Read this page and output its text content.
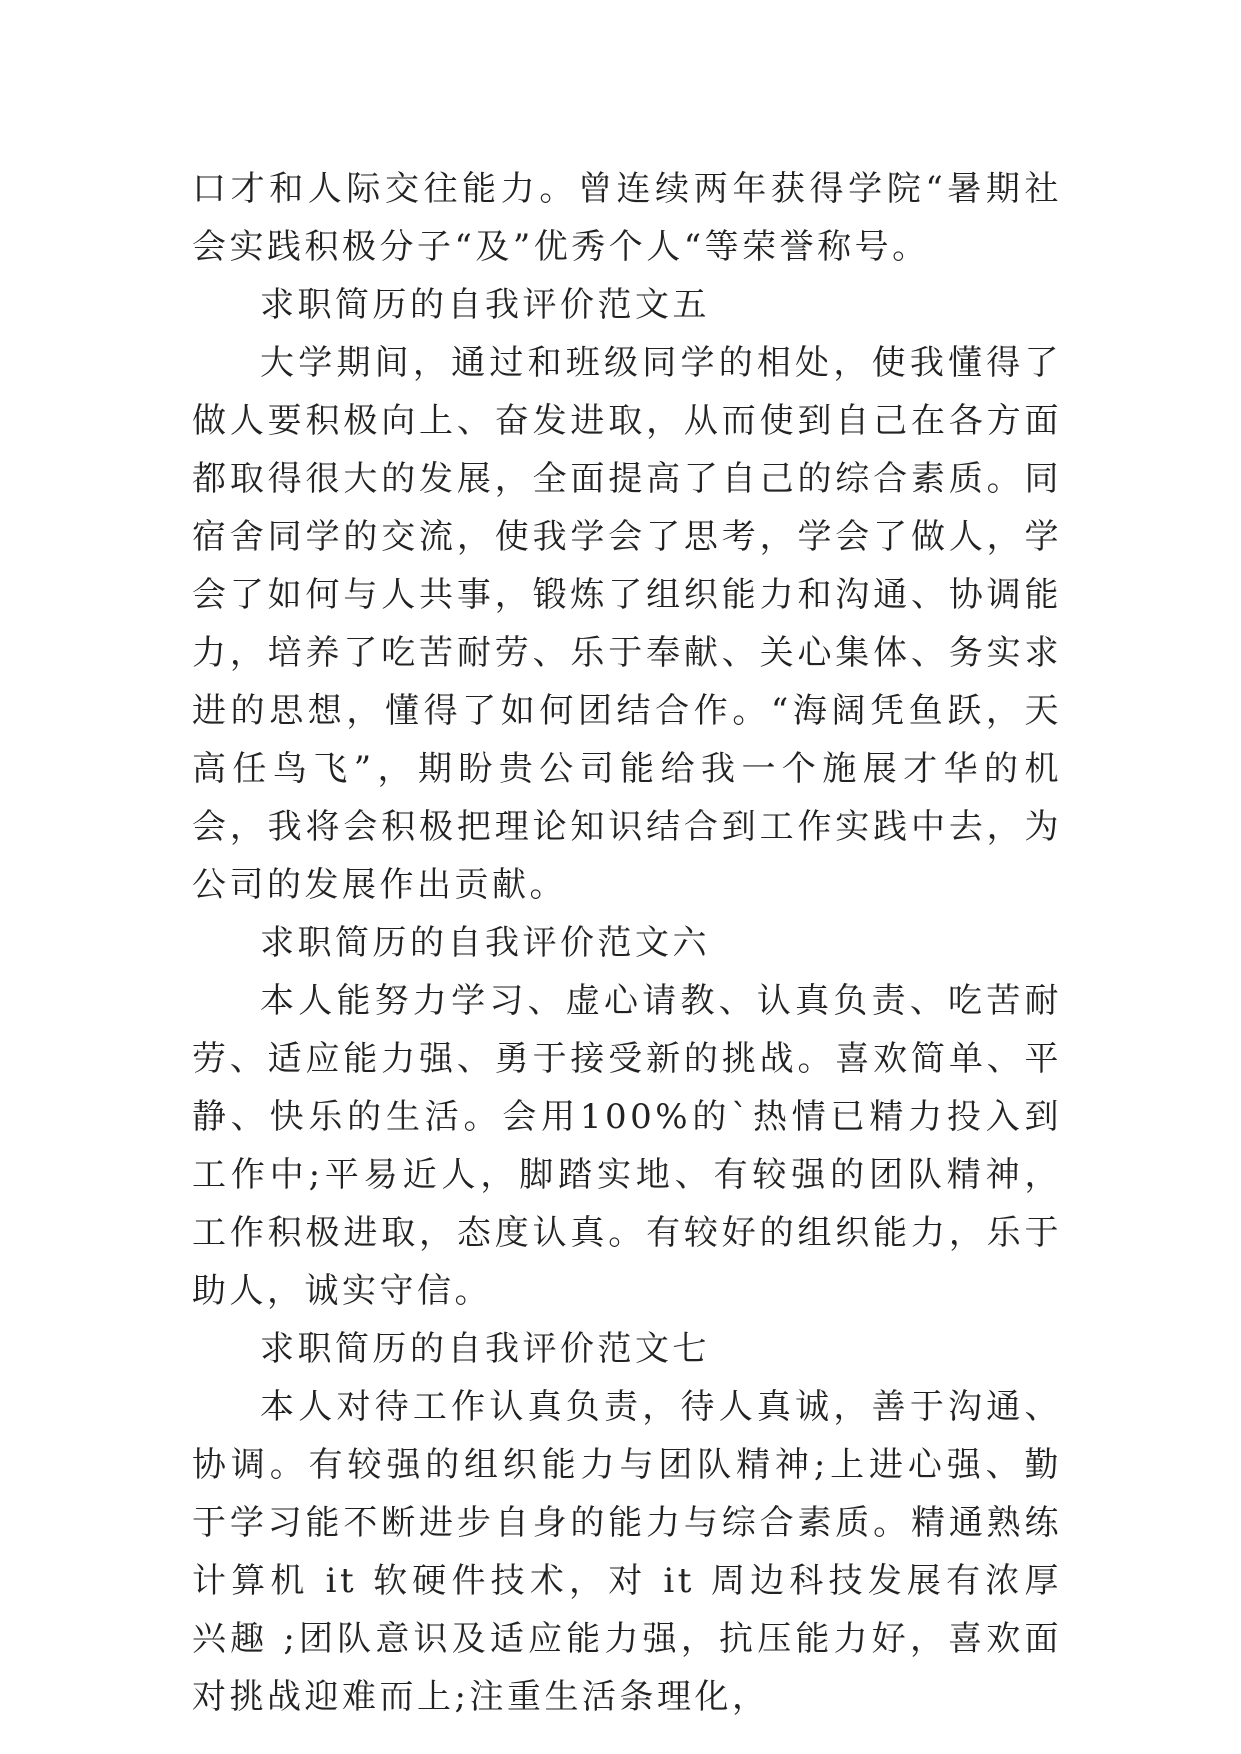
口才和人际交往能力。曾连续两年获得学院“暑期社会实践积极分子“及”优秀个人“等荣誉称号。

求职简历的自我评价范文五

大学期间，通过和班级同学的相处，使我懂得了做人要积极向上、奋发进取，从而使到自己在各方面都取得很大的发展，全面提高了自己的综合素质。同宿舍同学的交流，使我学会了思考，学会了做人，学会了如何与人共事，锻炼了组织能力和沟通、协调能力，培养了吃苦耐劳、乐于奉献、关心集体、务实求进的思想，懂得了如何团结合作。“海阔凭鱼跃，天高任鸟飞”，期盼贵公司能给我一个施展才华的机会，我将会积极把理论知识结合到工作实践中去，为公司的发展作出贡献。

求职简历的自我评价范文六

本人能努力学习、虚心请教、认真负责、吃苦耐劳、适应能力强、勇于接受新的挑战。喜欢简单、平静、快乐的生活。会用100%的`热情已精力投入到工作中;平易近人，脚踏实地、有较强的团队精神，工作积极进取，态度认真。有较好的组织能力，乐于助人，诚实守信。

求职简历的自我评价范文七

本人对待工作认真负责，待人真诚，善于沟通、协调。有较强的组织能力与团队精神;上进心强、勤于学习能不断进步自身的能力与综合素质。精通熟练计算机 it 软硬件技术，对 it 周边科技发展有浓厚兴趣 ;团队意识及适应能力强，抗压能力好，喜欢面对挑战迎难而上;注重生活条理化，
